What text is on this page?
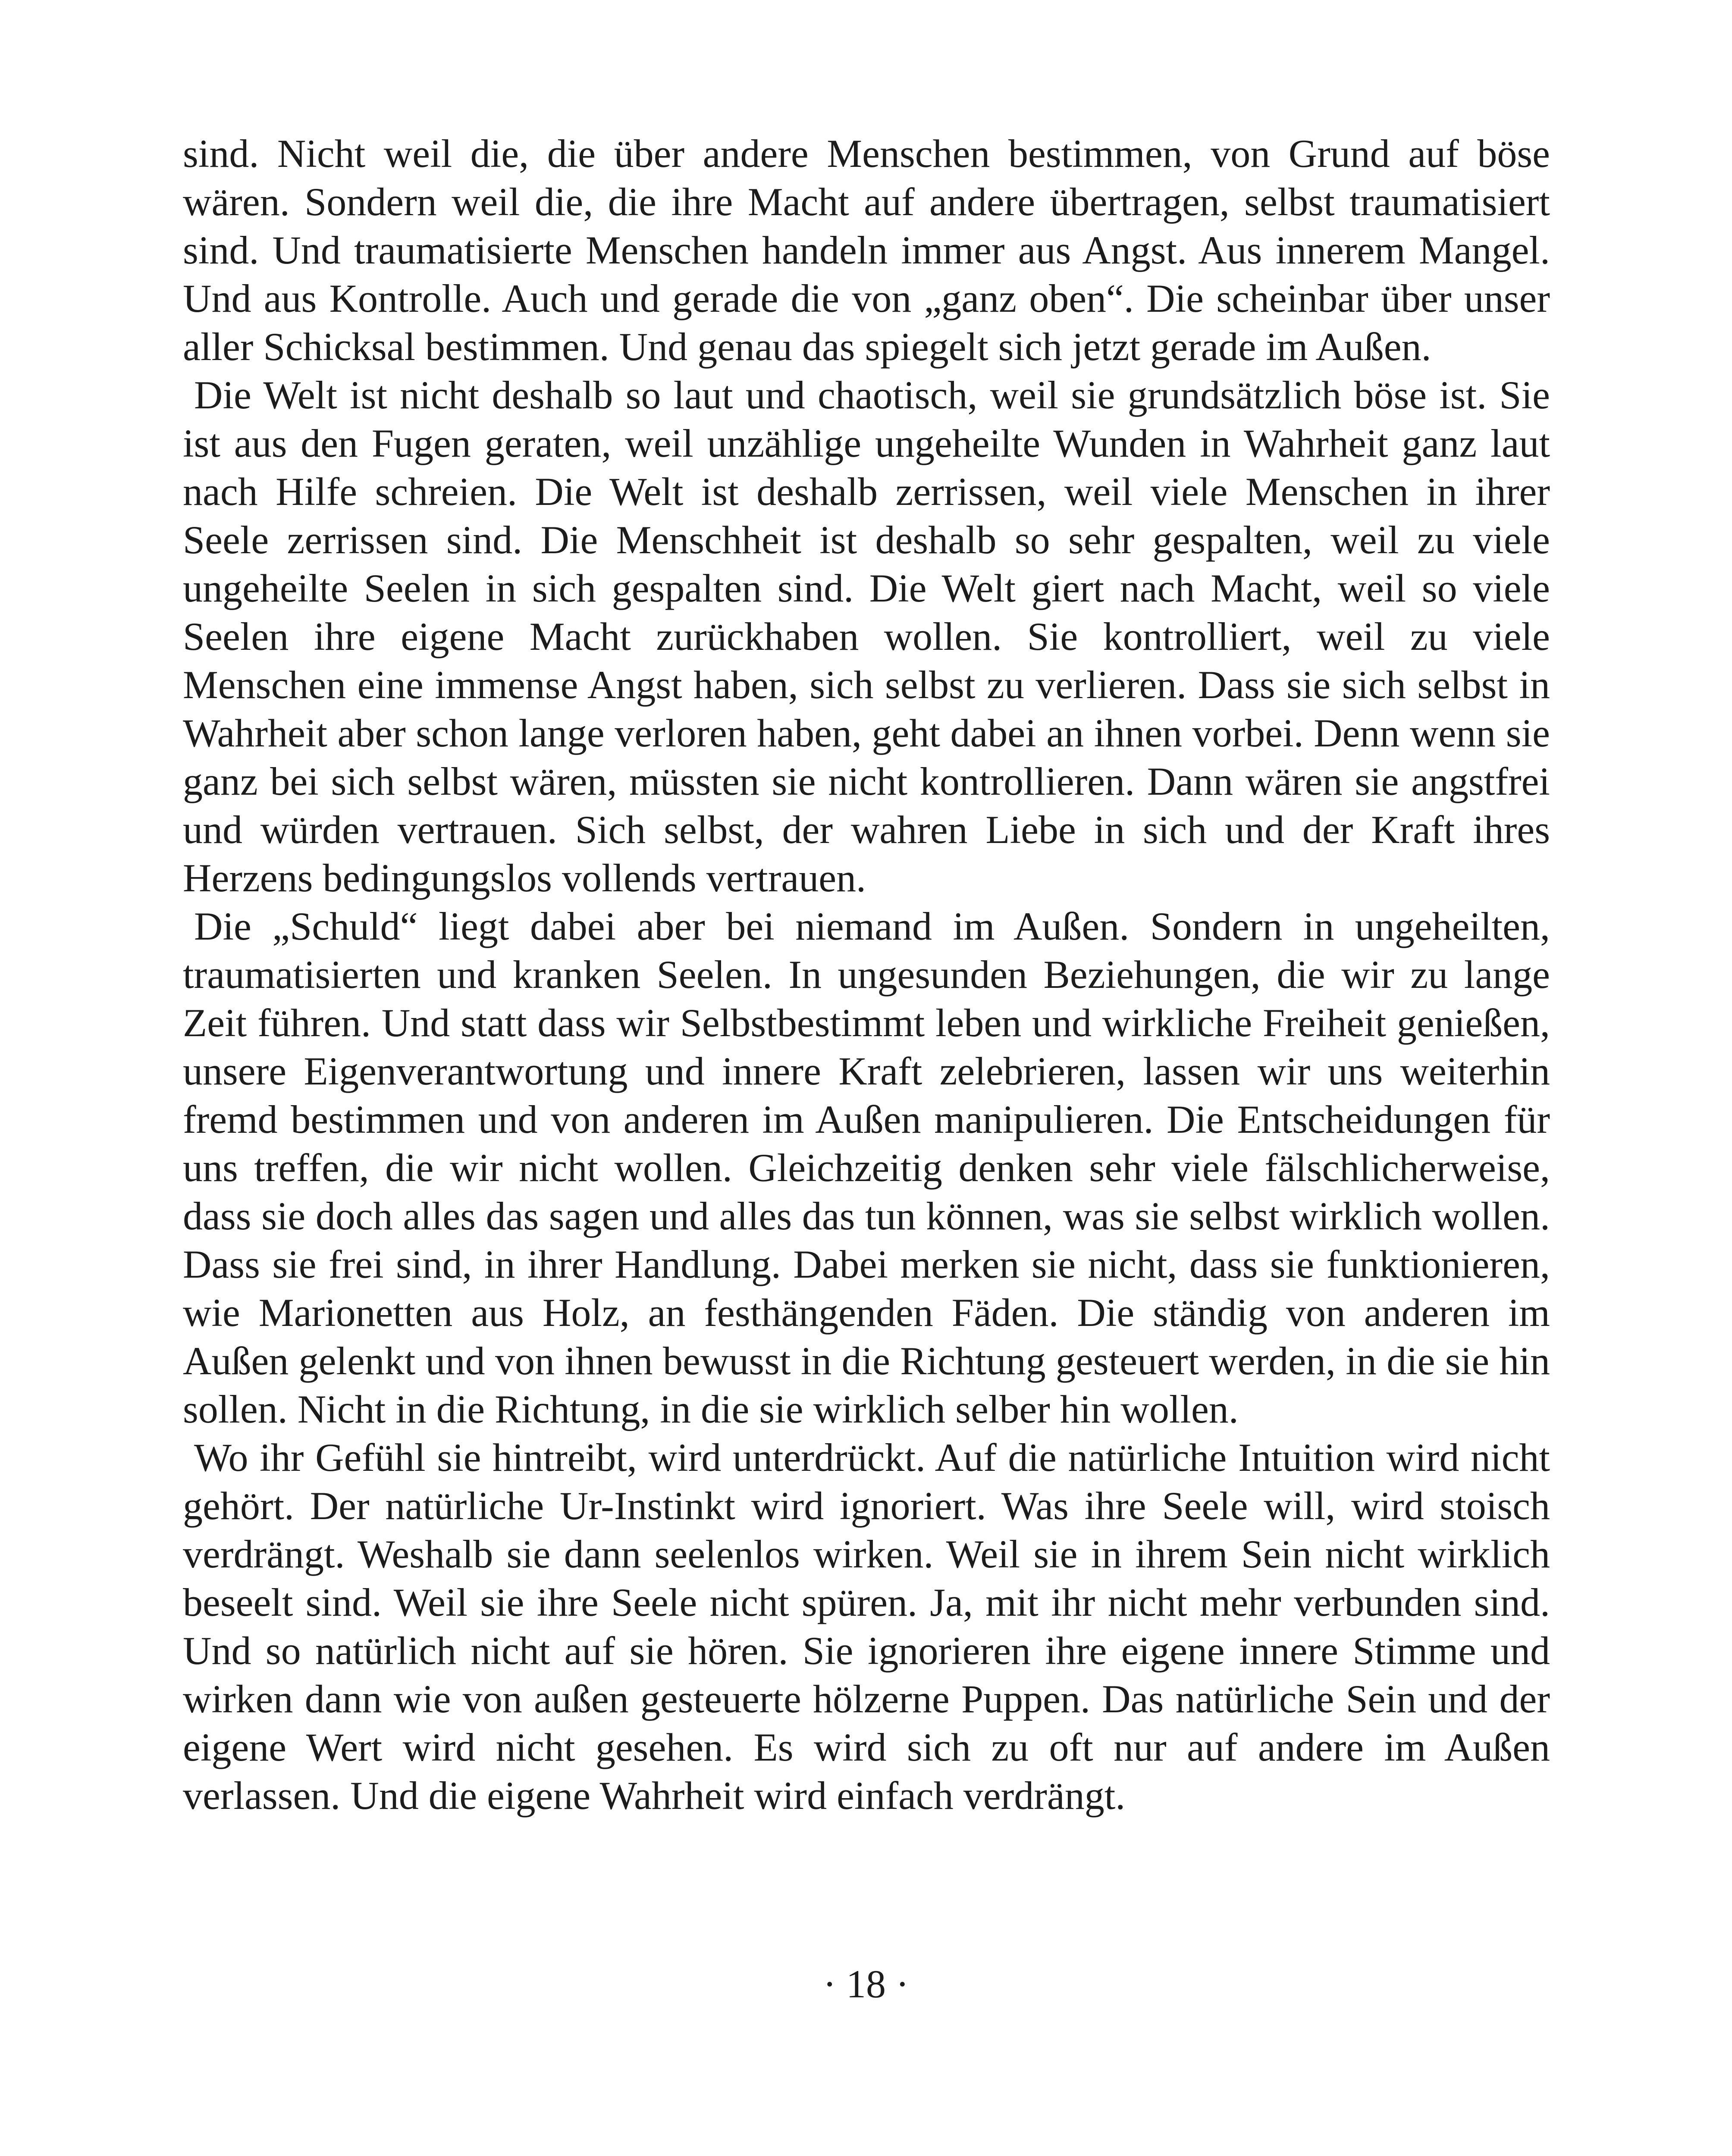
sind. Nicht weil die, die über andere Menschen bestimmen, von Grund auf böse wären. Sondern weil die, die ihre Macht auf andere übertragen, selbst traumatisiert sind. Und traumatisierte Menschen handeln immer aus Angst. Aus innerem Mangel. Und aus Kontrolle. Auch und gerade die von „ganz oben“. Die scheinbar über unser aller Schicksal bestimmen. Und genau das spiegelt sich jetzt gerade im Außen.

Die Welt ist nicht deshalb so laut und chaotisch, weil sie grundsätzlich böse ist. Sie ist aus den Fugen geraten, weil unzählige ungeheilte Wunden in Wahrheit ganz laut nach Hilfe schreien. Die Welt ist deshalb zerrissen, weil viele Menschen in ihrer Seele zerrissen sind. Die Menschheit ist deshalb so sehr gespalten, weil zu viele ungeheilte Seelen in sich gespalten sind. Die Welt giert nach Macht, weil so viele Seelen ihre eigene Macht zurückhaben wollen. Sie kontrolliert, weil zu viele Menschen eine immense Angst haben, sich selbst zu verlieren. Dass sie sich selbst in Wahrheit aber schon lange verloren haben, geht dabei an ihnen vorbei. Denn wenn sie ganz bei sich selbst wären, müssten sie nicht kontrollieren. Dann wären sie angstfrei und würden vertrauen. Sich selbst, der wahren Liebe in sich und der Kraft ihres Herzens bedingungslos vollends vertrauen.

Die „Schuld“ liegt dabei aber bei niemand im Außen. Sondern in ungeheilten, traumatisierten und kranken Seelen. In ungesunden Beziehungen, die wir zu lange Zeit führen. Und statt dass wir Selbstbestimmt leben und wirkliche Freiheit genießen, unsere Eigenverantwortung und innere Kraft zelebrieren, lassen wir uns weiterhin fremd bestimmen und von anderen im Außen manipulieren. Die Entscheidungen für uns treffen, die wir nicht wollen. Gleichzeitig denken sehr viele fälschlicherweise, dass sie doch alles das sagen und alles das tun können, was sie selbst wirklich wollen. Dass sie frei sind, in ihrer Handlung. Dabei merken sie nicht, dass sie funktionieren, wie Marionetten aus Holz, an festhängenden Fäden. Die ständig von anderen im Außen gelenkt und von ihnen bewusst in die Richtung gesteuert werden, in die sie hin sollen. Nicht in die Richtung, in die sie wirklich selber hin wollen.

Wo ihr Gefühl sie hintreibt, wird unterdrückt. Auf die natürliche Intuition wird nicht gehört. Der natürliche Ur-Instinkt wird ignoriert. Was ihre Seele will, wird stoisch verdrängt. Weshalb sie dann seelenlos wirken. Weil sie in ihrem Sein nicht wirklich beseelt sind. Weil sie ihre Seele nicht spüren. Ja, mit ihr nicht mehr verbunden sind. Und so natürlich nicht auf sie hören. Sie ignorieren ihre eigene innere Stimme und wirken dann wie von außen gesteuerte hölzerne Puppen. Das natürliche Sein und der eigene Wert wird nicht gesehen. Es wird sich zu oft nur auf andere im Außen verlassen. Und die eigene Wahrheit wird einfach verdrängt.

· 18 ·
